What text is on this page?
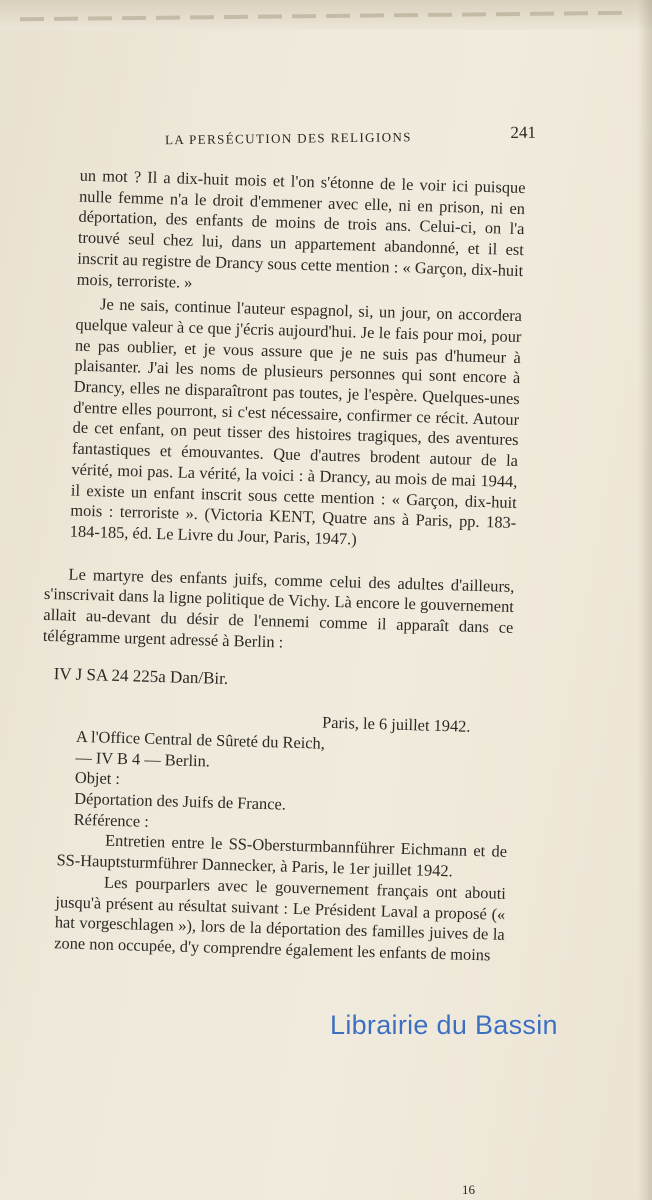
LA PERSÉCUTION DES RELIGIONS	241

un mot ? Il a dix-huit mois et l'on s'étonne de le voir ici puisque nulle femme n'a le droit d'emmener avec elle, ni en prison, ni en déportation, des enfants de moins de trois ans. Celui-ci, on l'a trouvé seul chez lui, dans un appartement abandonné, et il est inscrit au registre de Drancy sous cette mention : « Garçon, dix-huit mois, terroriste. »

Je ne sais, continue l'auteur espagnol, si, un jour, on accordera quelque valeur à ce que j'écris aujourd'hui. Je le fais pour moi, pour ne pas oublier, et je vous assure que je ne suis pas d'humeur à plaisanter. J'ai les noms de plusieurs personnes qui sont encore à Drancy, elles ne disparaîtront pas toutes, je l'espère. Quelques-unes d'entre elles pourront, si c'est nécessaire, confirmer ce récit. Autour de cet enfant, on peut tisser des histoires tragiques, des aventures fantastiques et émouvantes. Que d'autres brodent autour de la vérité, moi pas. La vérité, la voici : à Drancy, au mois de mai 1944, il existe un enfant inscrit sous cette mention : « Garçon, dix-huit mois : terroriste ». (Victoria KENT, Quatre ans à Paris, pp. 183-184-185, éd. Le Livre du Jour, Paris, 1947.)

Le martyre des enfants juifs, comme celui des adultes d'ailleurs, s'inscrivait dans la ligne politique de Vichy. Là encore le gouvernement allait au-devant du désir de l'ennemi comme il apparaît dans ce télégramme urgent adressé à Berlin :

IV J SA 24 225a Dan/Bir.
Paris, le 6 juillet 1942.
A l'Office Central de Sûreté du Reich,
— IV B 4 — Berlin.
Objet :
Déportation des Juifs de France.
Référence :
Entretien entre le SS-Obersturmbannführer Eichmann et de SS-Hauptsturmführer Dannecker, à Paris, le 1er juillet 1942.
Les pourparlers avec le gouvernement français ont abouti jusqu'à présent au résultat suivant : Le Président Laval a proposé (« hat vorgeschlagen »), lors de la déportation des familles juives de la zone non occupée, d'y comprendre également les enfants de moins
Librairie du Bassin
16
